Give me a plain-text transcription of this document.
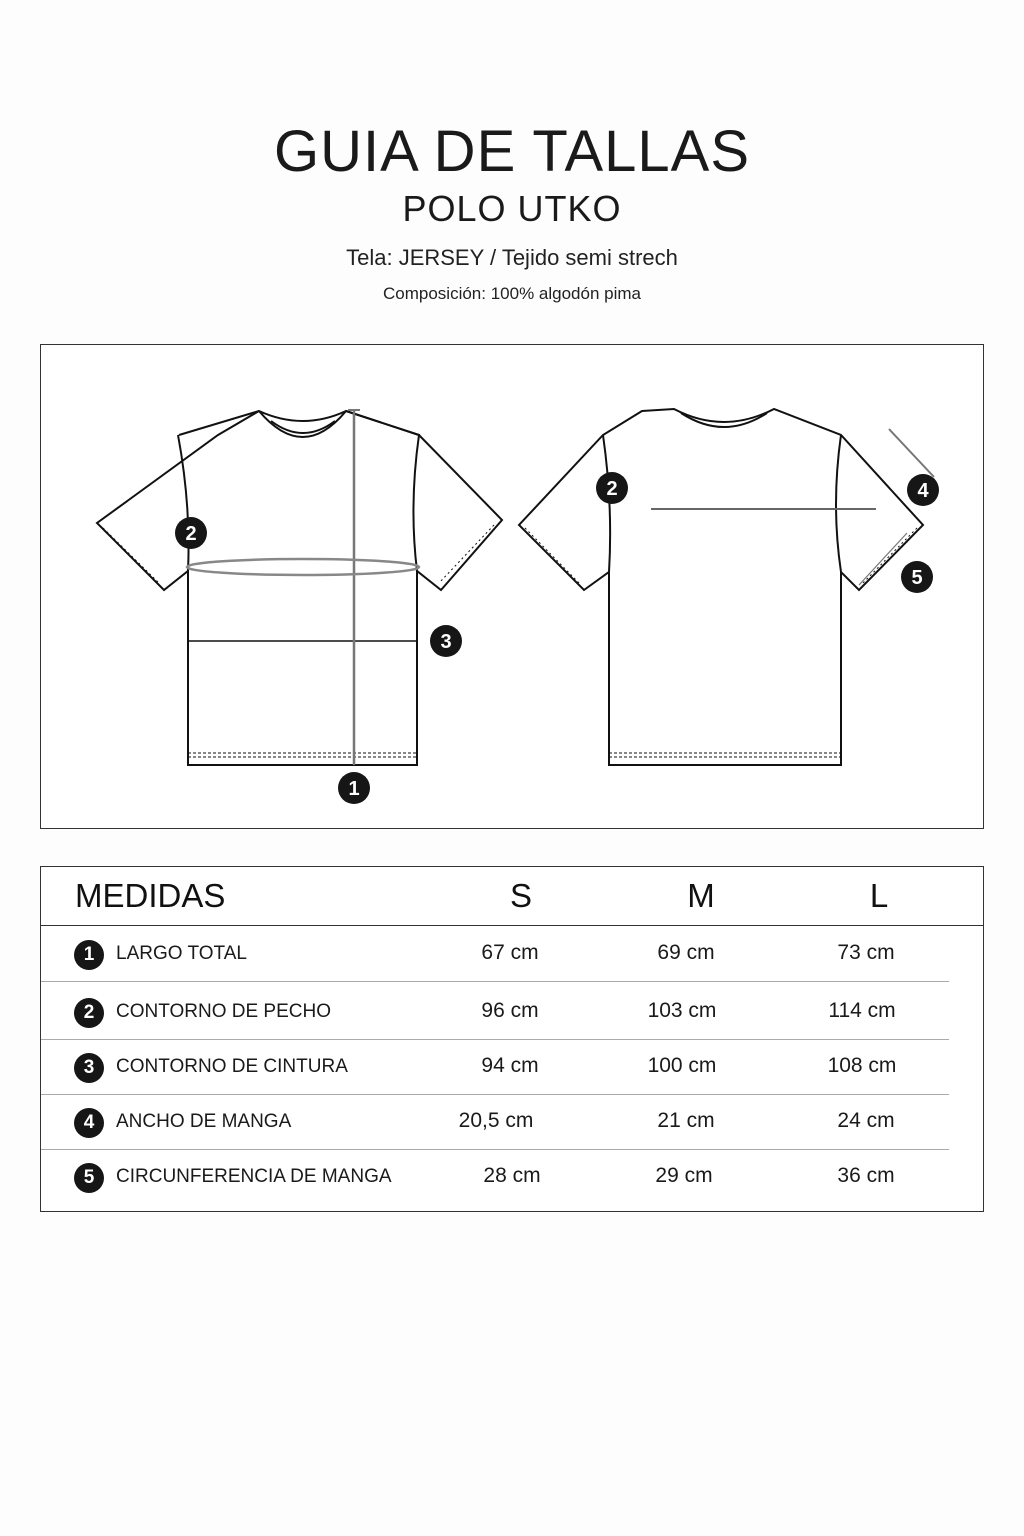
GUIA DE TALLAS
POLO UTKO
Tela: JERSEY / Tejido semi strech
Composición: 100% algodón pima
1
2
3
2	4
5
MEDIDAS	S	M	L
1	LARGO TOTAL	67 cm	69 cm	73 cm
2	CONTORNO DE PECHO	96 cm	103 cm	114 cm
3	CONTORNO DE CINTURA	94 cm	100 cm	108 cm
4	ANCHO DE MANGA	20,5 cm	21 cm	24 cm
5	CIRCUNFERENCIA DE MANGA	28 cm	29 cm	36 cm
